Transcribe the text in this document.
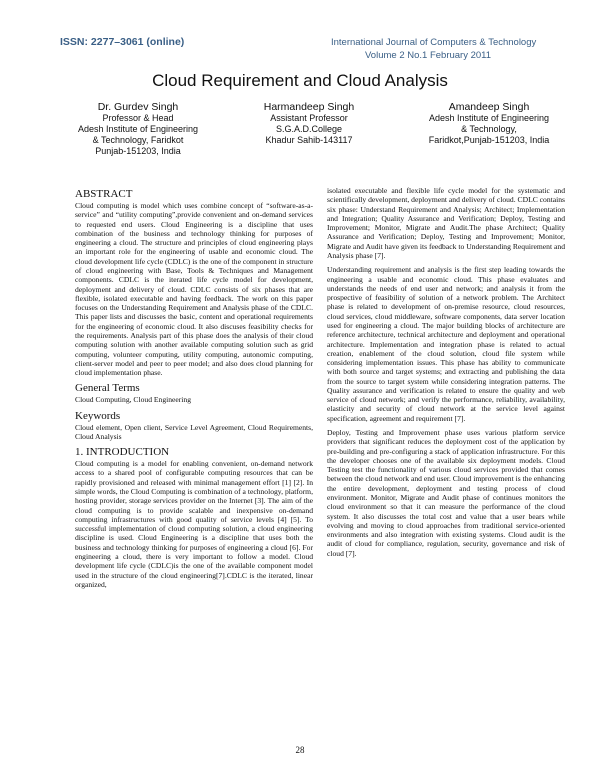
ISSN: 2277–3061 (online)	International Journal of Computers & Technology
Volume 2 No.1 February 2011
Cloud Requirement and Cloud Analysis
Dr. Gurdev Singh
Professor & Head
Adesh Institute of Engineering
& Technology, Faridkot
Punjab-151203, India
Harmandeep Singh
Assistant Professor
S.G.A.D.College
Khadur Sahib-143117
Amandeep Singh
Adesh Institute of Engineering
& Technology,
Faridkot,Punjab-151203, India
ABSTRACT

Cloud computing is model which uses combine concept of “software-as-a-service” and “utility computing”,provide convenient and on-demand services to requested end users. Cloud Engineering is a discipline that uses combination of the business and technology thinking for purposes of engineering a cloud. The structure and principles of cloud engineering plays an important role for the engineering of usable and economic cloud. The cloud development life cycle (CDLC) is the one of the component in structure of cloud engineering with Base, Tools & Techniques and Management components. CDLC is the iterated life cycle model for development, deployment and delivery of cloud. CDLC consists of six phases that are flexible, isolated executable and having feedback. The work on this paper focuses on the Understanding Requirement and Analysis phase of the CDLC. This paper lists and discusses the basic, content and operational requirements for the engineering of economic cloud. It also discuses feasibility checks for the requirements. Analysis part of this phase does the analysis of their cloud computing solution with another available computing solution such as grid computing, volunteer computing, utility computing, autonomic computing, client-server model and peer to peer model; and also does cloud planning for cloud implementation phase.

General Terms

Cloud Computing, Cloud Engineering

Keywords

Cloud element, Open client, Service Level Agreement, Cloud Requirements, Cloud Analysis

1. INTRODUCTION

Cloud computing is a model for enabling convenient, on-demand network access to a shared pool of configurable computing resources that can be rapidly provisioned and released with minimal management effort [1] [2]. In simple words, the Cloud Computing is combination of a technology, platform, hosting provider, storage services provider on the Internet [3]. The aim of the cloud computing is to provide scalable and inexpensive on-demand computing infrastructures with good quality of service levels [4] [5]. To successful implementation of cloud computing solution, a cloud engineering discipline is used. Cloud Engineering is a discipline that uses both the business and technology thinking for purposes of engineering a cloud [6]. For engineering a cloud, there is very important to follow a model. Cloud development life cycle (CDLC)is the one of the available component model used in the structure of the cloud engineering[7].CDLC is the iterated, linear organized,

isolated executable and flexible life cycle model for the systematic and scientifically development, deployment and delivery of cloud. CDLC contains six phase: Understand Requirement and Analysis; Architect; Implementation and Integration; Quality Assurance and Verification; Deploy, Testing and Improvement; Monitor, Migrate and Audit.The phase Architect; Quality Assurance and Verification; Deploy, Testing and Improvement; Monitor, Migrate and Audit have given its feedback to Understanding Requirement and Analysis phase [7].

Understanding requirement and analysis is the first step leading towards the engineering a usable and economic cloud. This phase evaluates and understands the needs of end user and network; and analysis it from the prospective of feasibility of solution of a network problem. The Architect phase is related to development of on-premise resource, cloud resources, cloud services, cloud middleware, software components, data server location used for engineering a cloud. The major building blocks of architecture are reference architecture, technical architecture and deployment and operational architecture. Implementation and integration phase is related to actual creation, enablement of the cloud solution, cloud file system while considering implementation issues. This phase has ability to communicate with both source and target systems; and extracting and publishing the data from the source to target system while considering integration patterns. The Quality assurance and verification is related to ensure the quality and web service of cloud network; and verify the performance, reliability, availability, elasticity and security of cloud network at the service level against specification, agreement and requirement [7].

Deploy, Testing and Improvement phase uses various platform service providers that significant reduces the deployment cost of the application by pre-building and pre-configuring a stack of application infrastructure. For this the developer chooses one of the available six deployment models. Cloud Testing test the functionality of various cloud services provided that comes between the cloud network and end user. Cloud improvement is the enhancing the entire development, deployment and testing process of cloud environment. Monitor, Migrate and Audit phase of continues monitors the cloud environment so that it can measure the performance of the cloud system. It also discusses the total cost and value that a user bears while evolving and moving to cloud approaches from traditional service-oriented environments and also integration with existing systems. Cloud audit is the audit of cloud for compliance, regulation, security, governance and risk of cloud [7].

28
